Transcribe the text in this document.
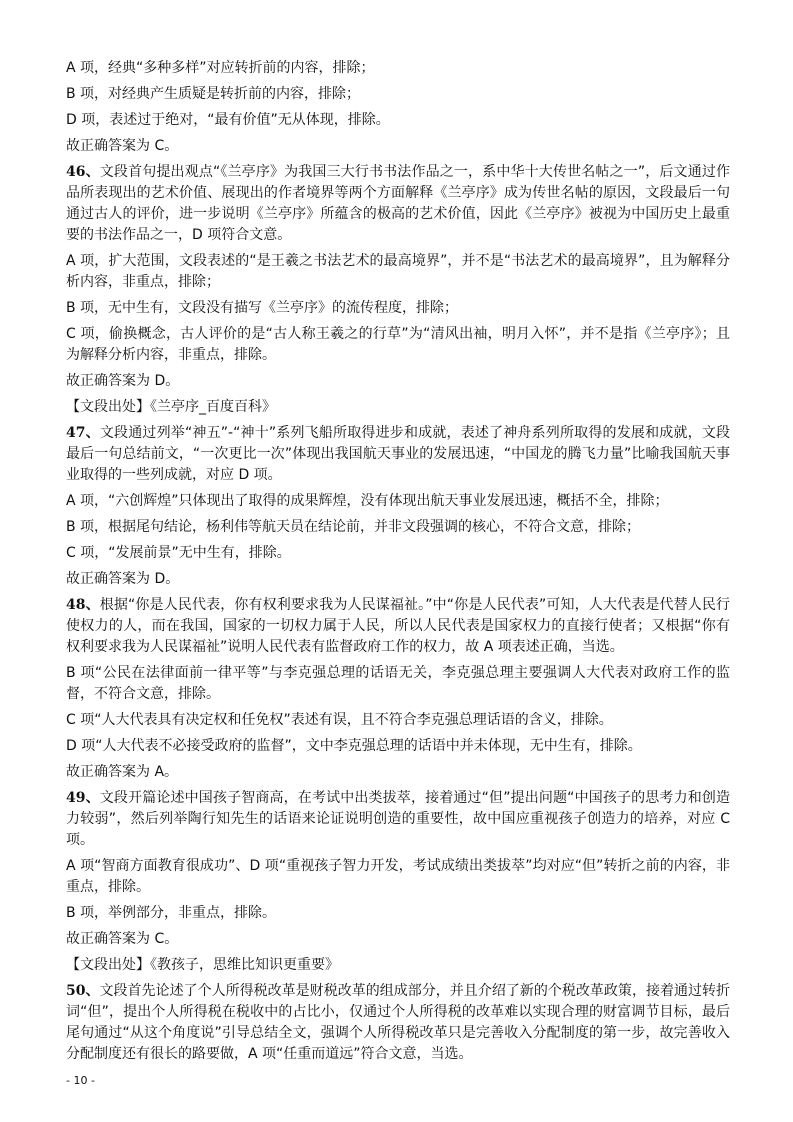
A 项，经典“多种多样”对应转折前的内容，排除；

B 项，对经典产生质疑是转折前的内容，排除；

D 项，表述过于绝对，“最有价值”无从体现，排除。

故正确答案为 C。

46、文段首句提出观点“《兰亭序》为我国三大行书书法作品之一，系中华十大传世名帖之一”，后文通过作品所表现出的艺术价值、展现出的作者境界等两个方面解释《兰亭序》成为传世名帖的原因，文段最后一句通过古人的评价，进一步说明《兰亭序》所蕴含的极高的艺术价值，因此《兰亭序》被视为中国历史上最重要的书法作品之一，D 项符合文意。

A 项，扩大范围，文段表述的“是王羲之书法艺术的最高境界”，并不是“书法艺术的最高境界”，且为解释分析内容，非重点，排除；

B 项，无中生有，文段没有描写《兰亭序》的流传程度，排除；

C 项，偷换概念，古人评价的是“古人称王羲之的行草”为“清风出袖，明月入怀”，并不是指《兰亭序》；且为解释分析内容，非重点，排除。

故正确答案为 D。

【文段出处】《兰亭序_百度百科》

47、文段通过列举“神五”-“神十”系列飞船所取得进步和成就，表述了神舟系列所取得的发展和成就，文段最后一句总结前文，“一次更比一次”体现出我国航天事业的发展迅速，“中国龙的腾飞力量”比喻我国航天事业取得的一些列成就，对应 D 项。

A 项，“六创辉煌”只体现出了取得的成果辉煌，没有体现出航天事业发展迅速，概括不全，排除；

B 项，根据尾句结论，杨利伟等航天员在结论前，并非文段强调的核心，不符合文意，排除；

C 项，“发展前景”无中生有，排除。

故正确答案为 D。

48、根据“你是人民代表，你有权利要求我为人民谋福祉。”中“你是人民代表”可知，人大代表是代替人民行使权力的人，而在我国，国家的一切权力属于人民，所以人民代表是国家权力的直接行使者；又根据“你有权利要求我为人民谋福祉”说明人民代表有监督政府工作的权力，故 A 项表述正确，当选。

B 项“公民在法律面前一律平等”与李克强总理的话语无关，李克强总理主要强调人大代表对政府工作的监督，不符合文意，排除。

C 项“人大代表具有决定权和任免权”表述有误，且不符合李克强总理话语的含义，排除。

D 项“人大代表不必接受政府的监督”，文中李克强总理的话语中并未体现，无中生有，排除。

故正确答案为 A。

49、文段开篇论述中国孩子智商高，在考试中出类拔萃，接着通过“但”提出问题“中国孩子的思考力和创造力较弱”，然后列举陶行知先生的话语来论证说明创造的重要性，故中国应重视孩子创造力的培养，对应 C 项。

A 项“智商方面教育很成功”、D 项“重视孩子智力开发，考试成绩出类拔萃”均对应“但”转折之前的内容，非重点，排除。

B 项，举例部分，非重点，排除。

故正确答案为 C。

【文段出处】《教孩子，思维比知识更重要》

50、文段首先论述了个人所得税改革是财税改革的组成部分，并且介绍了新的个税改革政策，接着通过转折词“但”，提出个人所得税在税收中的占比小，仅通过个人所得税的改革难以实现合理的财富调节目标，最后尾句通过“从这个角度说”引导总结全文，强调个人所得税改革只是完善收入分配制度的第一步，故完善收入分配制度还有很长的路要做，A 项“任重而道远”符合文意，当选。

- 10 -
